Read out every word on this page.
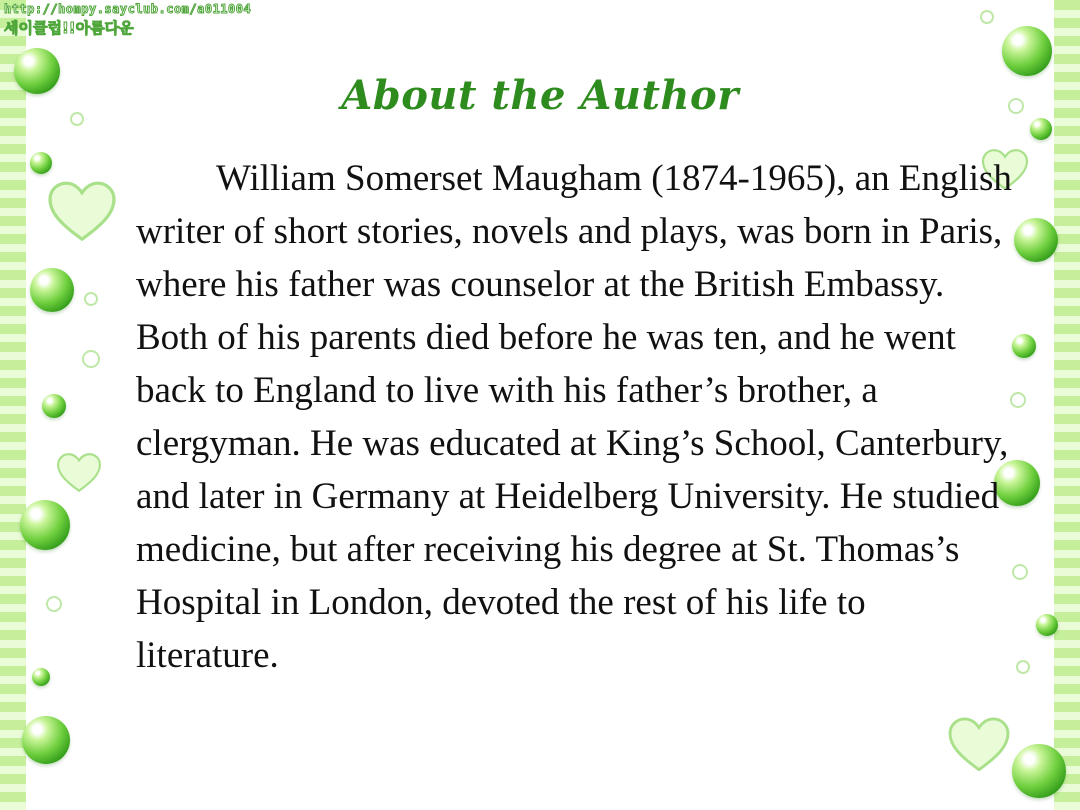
http://hompy.sayclub.com/a011004
세이클럽!!아름다운
About the Author

William Somerset Maugham (1874-1965), an English writer of short stories, novels and plays, was born in Paris, where his father was counselor at the British Embassy. Both of his parents died before he was ten, and he went back to England to live with his father’s brother, a clergyman. He was educated at King’s School, Canterbury, and later in Germany at Heidelberg University. He studied medicine, but after receiving his degree at St. Thomas’s Hospital in London, devoted the rest of his life to literature.
